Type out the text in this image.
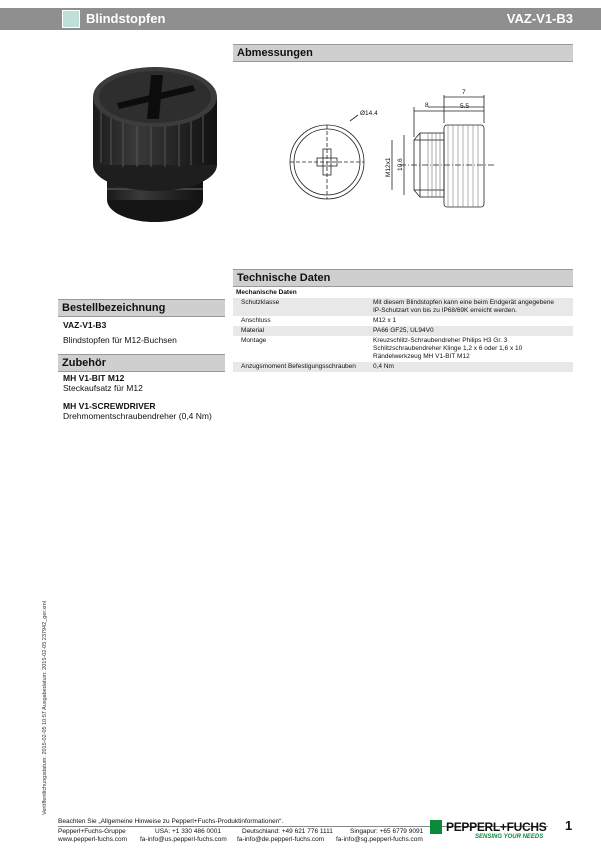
Blindstopfen	VAZ-V1-B3
Abmessungen
Ø14.4
7
8	5.5
M12x1 10.6
Technische Daten
Mechanische Daten	
Schutzklasse	Mit diesem Blindstopfen kann eine beim Endgerät angegebene
IP-Schutzart von bis zu IP68/69K erreicht werden.
Anschluss	M12 x 1
Material	PA66 GF25, UL94V0
Montage	Kreuzschlitz-Schraubendreher Philips H3 Gr. 3
Schlitzschraubendreher Klinge 1,2 x 6 oder 1,6 x 10
Rändelwerkzeug MH V1-BIT M12
Anzugsmoment Befestigungsschrauben	0,4 Nm
Bestellbezeichnung
VAZ-V1-B3
Blindstopfen für M12-Buchsen
Zubehör
MH V1-BIT M12
Steckaufsatz für M12
MH V1-SCREWDRIVER
Drehmomentschraubendreher (0,4 Nm)
Veröffentlichungsdatum: 2015-02-05 10:57 Ausgabedatum: 2015-02-05 237942_ger.xml
Beachten Sie „Allgemeine Hinweise zu Pepperl+Fuchs-Produktinformationen“.
Pepperl+Fuchs-Gruppe
www.pepperl-fuchs.com
USA: +1 330 486 0001
fa-info@us.pepperl-fuchs.com
Deutschland: +49 621 776 1111
fa-info@de.pepperl-fuchs.com
Singapur: +65 6779 9091
fa-info@sg.pepperl-fuchs.com
PEPPERL+FUCHS
SENSING YOUR NEEDS
1
